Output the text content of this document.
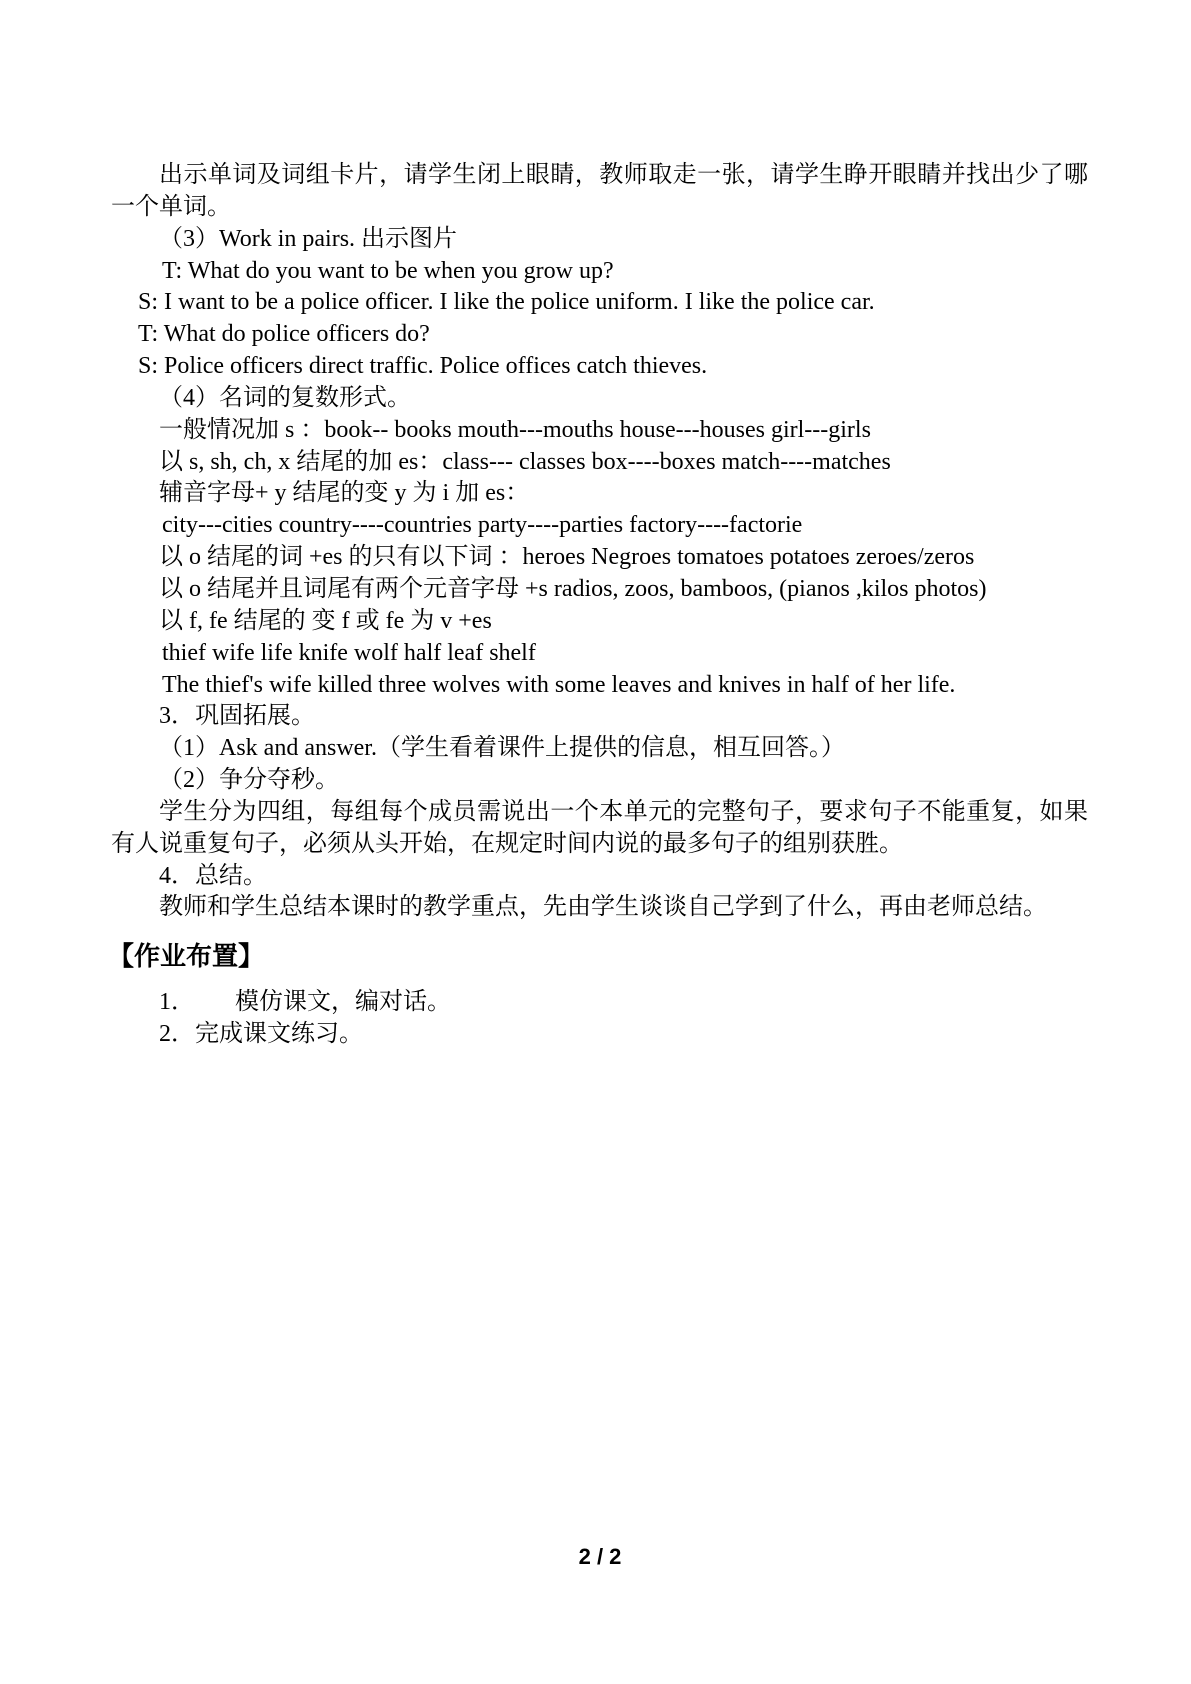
出示单词及词组卡片，请学生闭上眼睛，教师取走一张，请学生睁开眼睛并找出少了哪
一个单词。
（3）Work in pairs. 出示图片
T: What do you want to be when you grow up?
S: I want to be a police officer. I like the police uniform. I like the police car.
T: What do police officers do?
S: Police officers direct traffic. Police offices catch thieves.
（4）名词的复数形式。
一般情况加 s ：book-- books mouth---mouths house---houses girl---girls
以 s, sh, ch, x 结尾的加 es：class--- classes box----boxes match----matches
辅音字母+ y 结尾的变 y 为 i 加 es：
city---cities country----countries party----parties factory----factorie
以 o 结尾的词 +es 的只有以下词 ：heroes Negroes tomatoes potatoes zeroes/zeros
以 o 结尾并且词尾有两个元音字母 +s radios, zoos, bamboos, (pianos ,kilos photos)
以 f, fe 结尾的 变 f 或 fe 为 v +es
thief wife life knife wolf half leaf shelf
The thief's wife killed three wolves with some leaves and knives in half of her life.
3．巩固拓展。
（1）Ask and answer.（学生看着课件上提供的信息，相互回答。）
（2）争分夺秒。
学生分为四组，每组每个成员需说出一个本单元的完整句子，要求句子不能重复，如果
有人说重复句子，必须从头开始，在规定时间内说的最多句子的组别获胜。
4．总结。
教师和学生总结本课时的教学重点，先由学生谈谈自己学到了什么，再由老师总结。
【作业布置】
1． 模仿课文，编对话。
2．完成课文练习。
2 / 2
